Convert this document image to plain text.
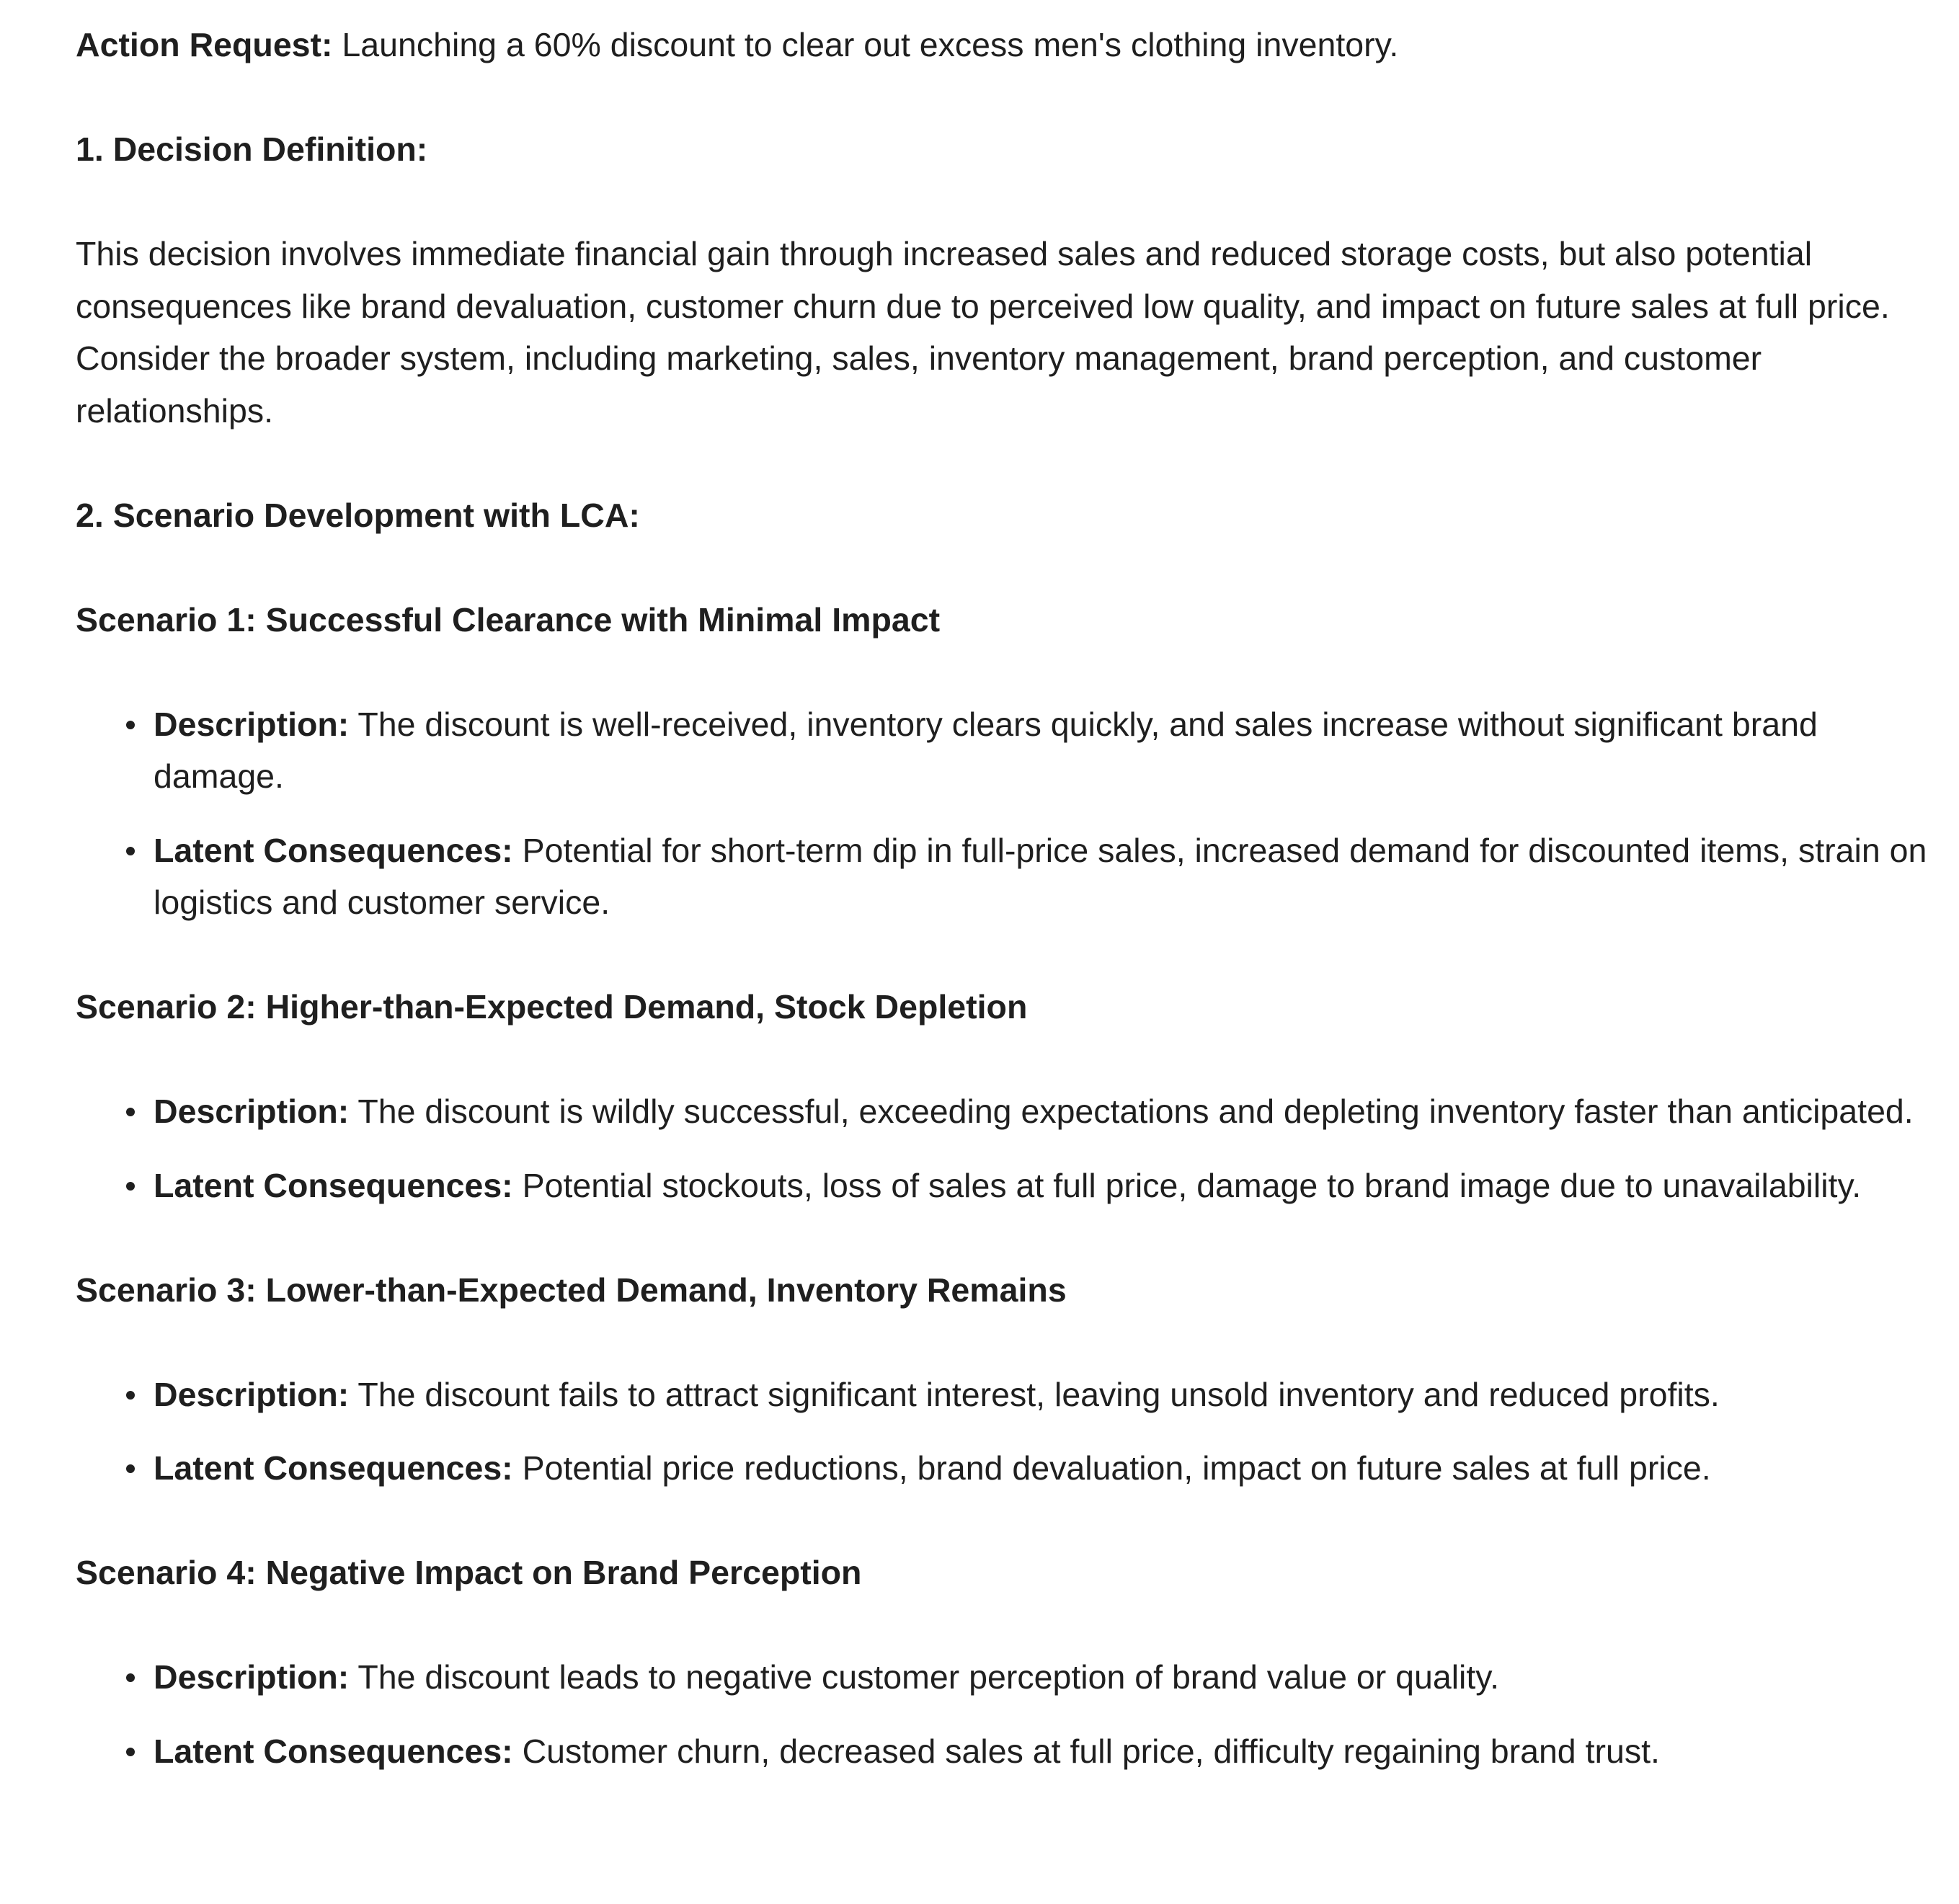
Action Request: Launching a 60% discount to clear out excess men's clothing inventory.

1. Decision Definition:

This decision involves immediate financial gain through increased sales and reduced storage costs, but also potential consequences like brand devaluation, customer churn due to perceived low quality, and impact on future sales at full price. Consider the broader system, including marketing, sales, inventory management, brand perception, and customer relationships.

2. Scenario Development with LCA:

Scenario 1: Successful Clearance with Minimal Impact

Description: The discount is well-received, inventory clears quickly, and sales increase without significant brand damage.
Latent Consequences: Potential for short-term dip in full-price sales, increased demand for discounted items, strain on logistics and customer service.

Scenario 2: Higher-than-Expected Demand, Stock Depletion

Description: The discount is wildly successful, exceeding expectations and depleting inventory faster than anticipated.
Latent Consequences: Potential stockouts, loss of sales at full price, damage to brand image due to unavailability.

Scenario 3: Lower-than-Expected Demand, Inventory Remains

Description: The discount fails to attract significant interest, leaving unsold inventory and reduced profits.
Latent Consequences: Potential price reductions, brand devaluation, impact on future sales at full price.

Scenario 4: Negative Impact on Brand Perception

Description: The discount leads to negative customer perception of brand value or quality.
Latent Consequences: Customer churn, decreased sales at full price, difficulty regaining brand trust.
